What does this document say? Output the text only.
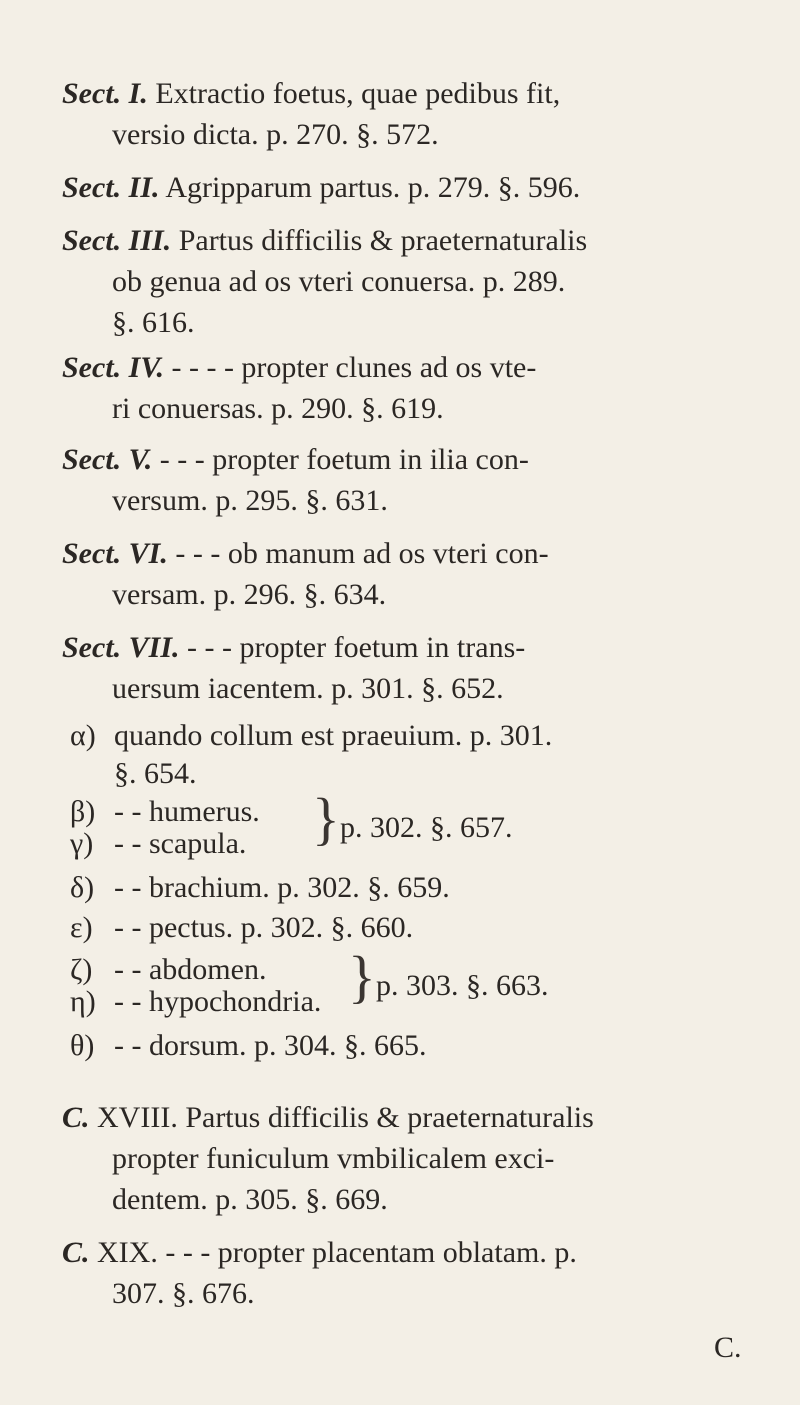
Sect. I. Extractio foetus, quae pedibus fit,
versio dicta. p. 270. §. 572.
Sect. II. Agripparum partus. p. 279. §. 596.
Sect. III. Partus difficilis & praeternaturalis
ob genua ad os vteri conuersa. p. 289.
§. 616.
Sect. IV. - - - - propter clunes ad os vte-
ri conuersas. p. 290. §. 619.
Sect. V. - - - propter foetum in ilia con-
versum. p. 295. §. 631.
Sect. VI. - - - ob manum ad os vteri con-
versam. p. 296. §. 634.
Sect. VII. - - - propter foetum in trans-
uersum iacentem. p. 301. §. 652.
α) quando collum est praeuium. p. 301.
§. 654.
β) - - humerus.
γ) - - scapula. } p. 302. §. 657.
δ) - - brachium. p. 302. §. 659.
ε) - - pectus. p. 302. §. 660.
ζ) - - abdomen.
η) - - hypochondria. } p. 303. §. 663.
θ) - - dorsum. p. 304. §. 665.
C. XVIII. Partus difficilis & praeternaturalis
propter funiculum vmbilicalem exci-
dentem. p. 305. §. 669.
C. XIX. - - - propter placentam oblatam. p.
307. §. 676.
C.
